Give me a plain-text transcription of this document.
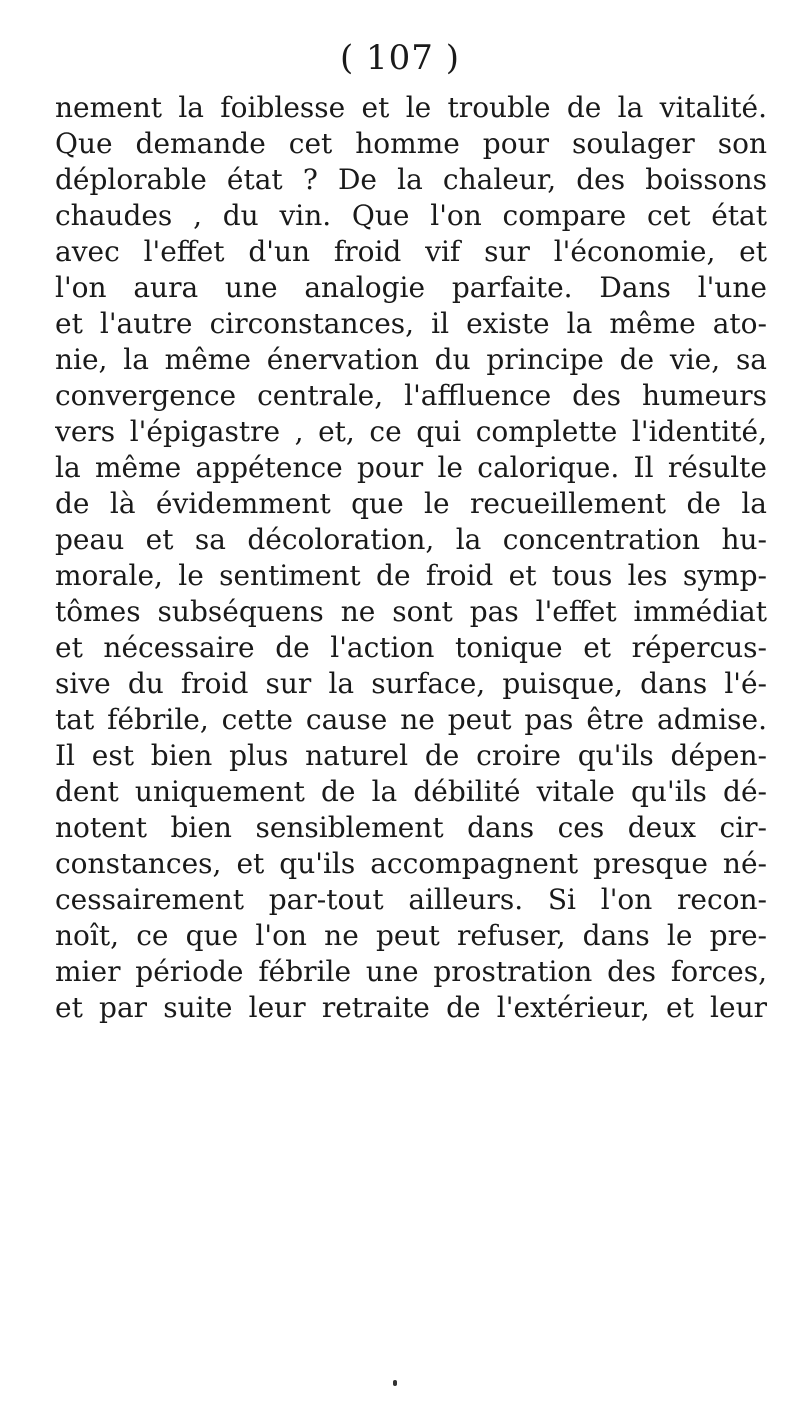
( 107 )
nement la foiblesse et le trouble de la vitalité.
Que demande cet homme pour soulager son
déplorable état ? De la chaleur, des boissons
chaudes , du vin. Que l'on compare cet état
avec l'effet d'un froid vif sur l'économie, et
l'on aura une analogie parfaite. Dans l'une
et l'autre circonstances, il existe la même ato-
nie, la même énervation du principe de vie, sa
convergence centrale, l'affluence des humeurs
vers l'épigastre , et, ce qui complette l'identité,
la même appétence pour le calorique. Il résulte
de là évidemment que le recueillement de la
peau et sa décoloration, la concentration hu-
morale, le sentiment de froid et tous les symp-
tômes subséquens ne sont pas l'effet immédiat
et nécessaire de l'action tonique et répercus-
sive du froid sur la surface, puisque, dans l'é-
tat fébrile, cette cause ne peut pas être admise.
Il est bien plus naturel de croire qu'ils dépen-
dent uniquement de la débilité vitale qu'ils dé-
notent bien sensiblement dans ces deux cir-
constances, et qu'ils accompagnent presque né-
cessairement par-tout ailleurs. Si l'on recon-
noît, ce que l'on ne peut refuser, dans le pre-
mier période fébrile une prostration des forces,
et par suite leur retraite de l'extérieur, et leur
